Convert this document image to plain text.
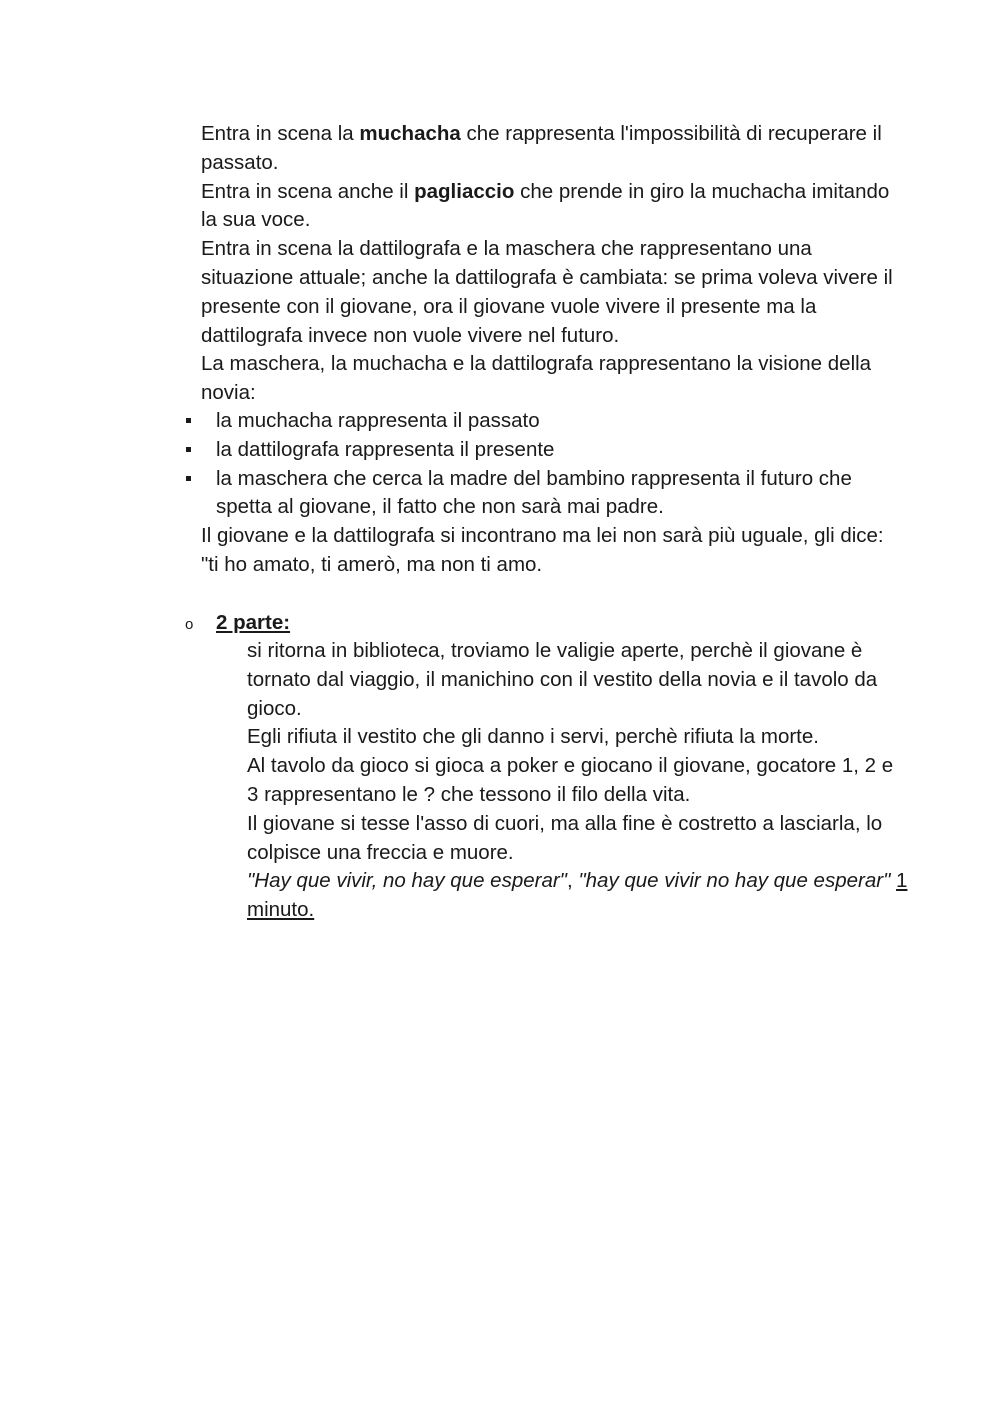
Entra in scena la muchacha che rappresenta l'impossibilità di recuperare il passato.

Entra in scena anche il pagliaccio che prende in giro la muchacha imitando la sua voce.

Entra in scena la dattilografa e la maschera che rappresentano una situazione attuale; anche la dattilografa è cambiata: se prima voleva vivere il presente con il giovane, ora il giovane vuole vivere il presente ma la dattilografa invece non vuole vivere nel futuro.

La maschera, la muchacha e la dattilografa rappresentano la visione della novia:

la muchacha rappresenta il passato
la dattilografa rappresenta il presente
la maschera che cerca la madre del bambino rappresenta il futuro che spetta al giovane, il fatto che non sarà mai padre.

Il giovane e la dattilografa si incontrano ma lei non sarà più uguale, gli dice: "ti ho amato, ti amerò, ma non ti amo.

o 2 parte:

si ritorna in biblioteca, troviamo le valigie aperte, perchè il giovane è tornato dal viaggio, il manichino con il vestito della novia e il tavolo da gioco.

Egli rifiuta il vestito che gli danno i servi, perchè rifiuta la morte.

Al tavolo da gioco si gioca a poker e giocano il giovane, gocatore 1, 2 e 3 rappresentano le ? che tessono il filo della vita.

Il giovane si tesse l'asso di cuori, ma alla fine è costretto a lasciarla, lo colpisce una freccia e muore.

"Hay que vivir, no hay que esperar", "hay que vivir no hay que esperar" 1 minuto.
